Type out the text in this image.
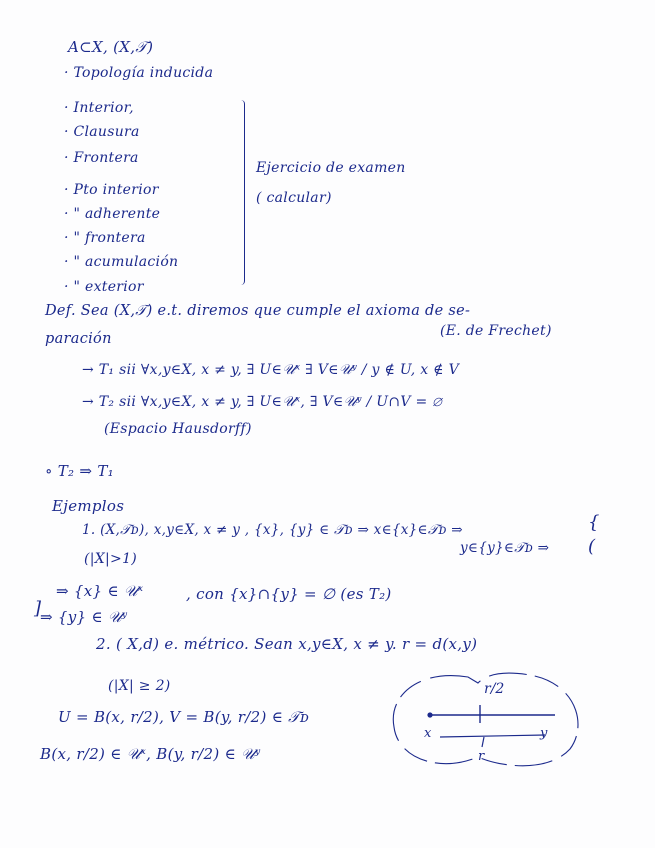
A⊂X, (X,𝒯)
· Topología inducida
· Interior,
· Clausura
· Frontera
· Pto interior
· " adherente
· " frontera
· " acumulación
· " exterior
Ejercicio de examen
( calcular)
Def. Sea (X,𝒯) e.t. diremos que cumple el axioma de se-
paración	(E. de Frechet)
→ T₁ sii ∀x,y∈X, x ≠ y, ∃ U∈𝒰ˣ ∃ V∈𝒰ʸ / y ∉ U, x ∉ V
→ T₂ sii ∀x,y∈X, x ≠ y, ∃ U∈𝒰ˣ, ∃ V∈𝒰ʸ / U∩V = ∅
(Espacio Hausdorff)
∘ T₂ ⇒ T₁
Ejemplos
1. (X,𝒯ᴅ), x,y∈X, x ≠ y , {x}, {y} ∈ 𝒯ᴅ ⇒ x∈{x}∈𝒯ᴅ ⇒
(|X|>1)
y∈{y}∈𝒯ᴅ ⇒
{
(
⇒ {x} ∈ 𝒰ˣ
⇒ {y} ∈ 𝒰ʸ
]
, con {x}∩{y} = ∅ (es T₂)
2. ( X,d) e. métrico. Sean x,y∈X, x ≠ y. r = d(x,y)
(|X| ≥ 2)
U = B(x, r/2), V = B(y, r/2) ∈ 𝒯ᴅ
B(x, r/2) ∈ 𝒰ˣ, B(y, r/2) ∈ 𝒰ʸ
r/2
x	y
r
